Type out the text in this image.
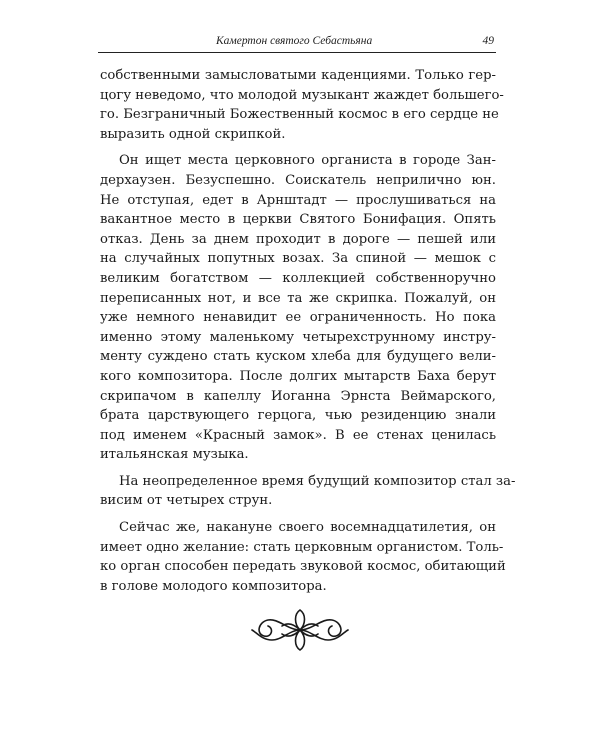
Камертон святого Себастьяна	49

собственными замысловатыми каденциями. Только гер-
цогу неведомо, что молодой музыкант жаждет большего-
го. Безграничный Божественный космос в его сердце не
выразить одной скрипкой.

Он ищет места церковного органиста в городе Зан-
дерхаузен. Безуспешно. Соискатель неприлично юн.
Не отступая, едет в Арнштадт — прослушиваться на
вакантное место в церкви Святого Бонифация. Опять
отказ. День за днем проходит в дороге — пешей или
на случайных попутных возах. За спиной — мешок с
великим богатством — коллекцией собственноручно
переписанных нот, и все та же скрипка. Пожалуй, он
уже немного ненавидит ее ограниченность. Но пока
именно этому маленькому четырехструнному инстру-
менту суждено стать куском хлеба для будущего вели-
кого композитора. После долгих мытарств Баха берут
скрипачом в капеллу Иоганна Эрнста Веймарского,
брата царствующего герцога, чью резиденцию знали
под именем «Красный замок». В ее стенах ценилась
итальянская музыка.

На неопределенное время будущий композитор стал за-
висим от четырех струн.

Сейчас же, накануне своего восемнадцатилетия, он
имеет одно желание: стать церковным органистом. Толь-
ко орган способен передать звуковой космос, обитающий
в голове молодого композитора.
